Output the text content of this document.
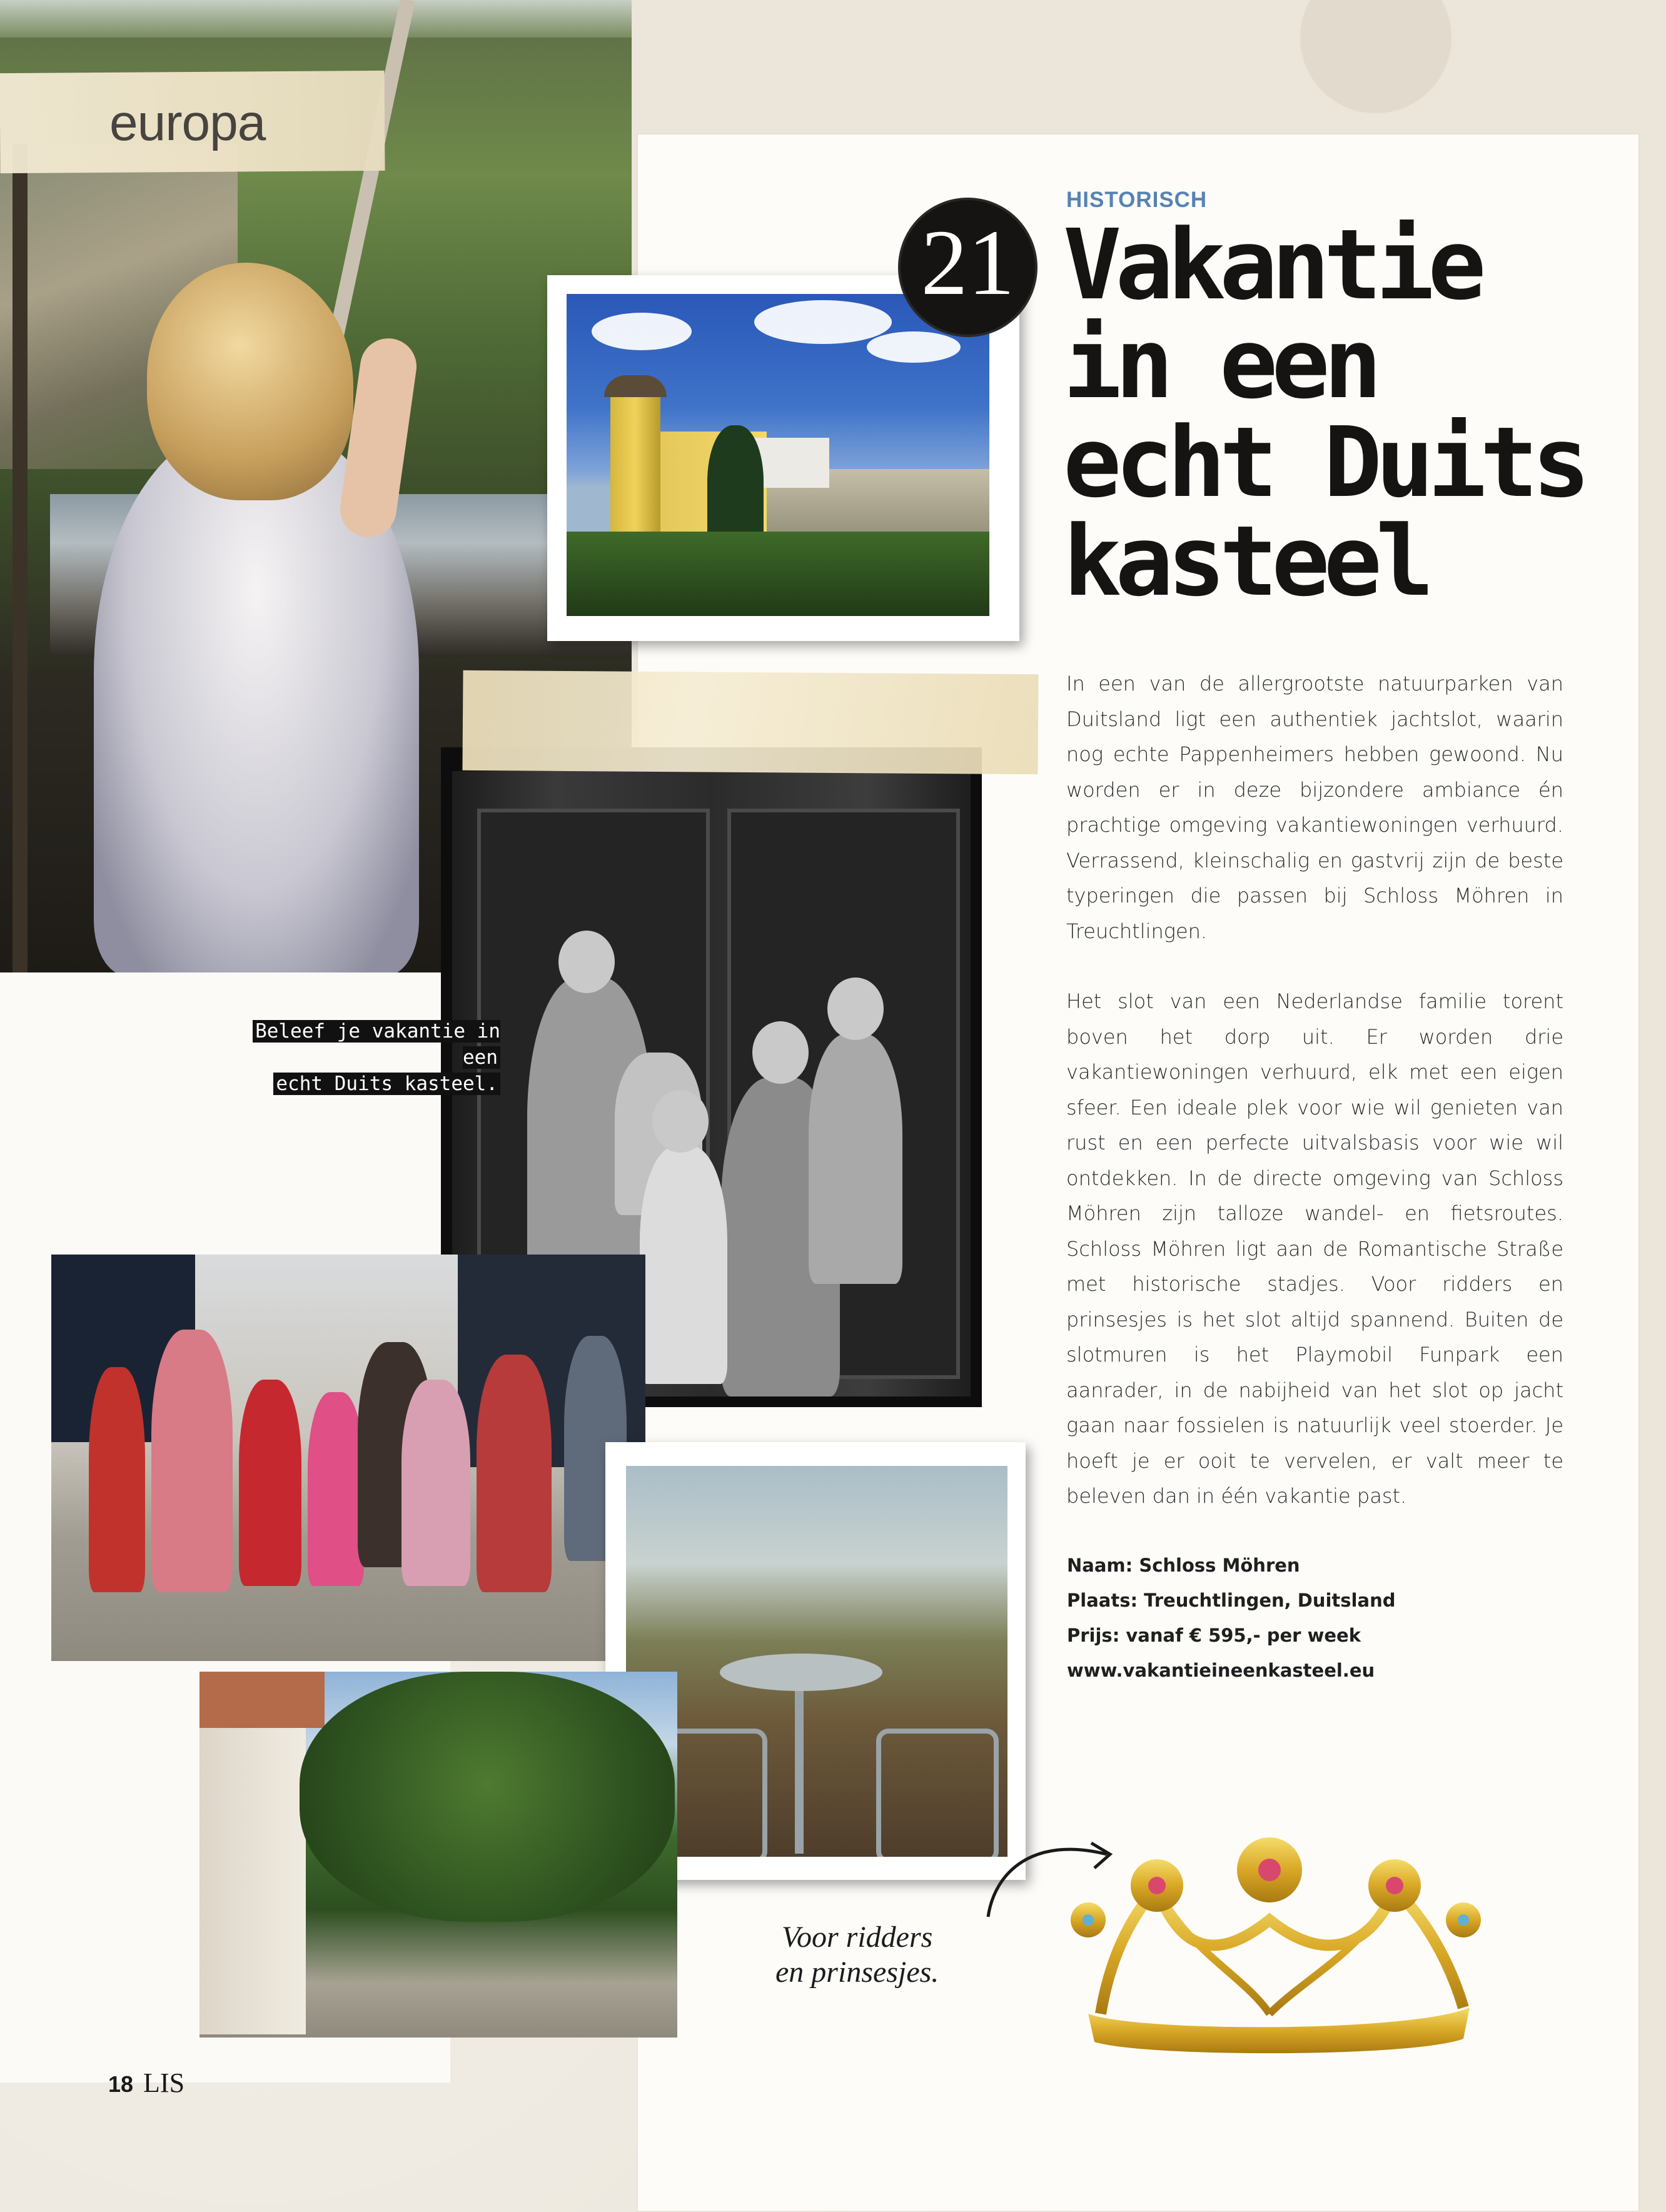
europa
21
HISTORISCH
Vakantie
in een
echt Duits
kasteel

In een van de allergrootste natuurparken van Duitsland ligt een authentiek jachtslot, waarin nog echte Pappenheimers hebben gewoond. Nu worden er in deze bijzondere ambiance én prachtige omgeving vakantiewoningen verhuurd. Verrassend, kleinschalig en gastvrij zijn de beste typeringen die passen bij Schloss Möhren in Treuchtlingen.

Het slot van een Nederlandse familie torent boven het dorp uit. Er worden drie vakantiewoningen verhuurd, elk met een eigen sfeer. Een ideale plek voor wie wil genieten van rust en een perfecte uitvalsbasis voor wie wil ontdekken. In de directe omgeving van Schloss Möhren zijn talloze wandel- en fietsroutes. Schloss Möhren ligt aan de Romantische Straße met historische stadjes. Voor ridders en prinsesjes is het slot altijd spannend. Buiten de slotmuren is het Playmobil Funpark een aanrader, in de nabijheid van het slot op jacht gaan naar fossielen is natuurlijk veel stoerder. Je hoeft je er ooit te vervelen, er valt meer te beleven dan in één vakantie past.

Naam: Schloss Möhren
Plaats: Treuchtlingen, Duitsland
Prijs: vanaf € 595,- per week
www.vakantieineenkasteel.eu
Beleef je vakantie in een
echt Duits kasteel.
Voor ridders
en prinsesjes.
18 LIS
